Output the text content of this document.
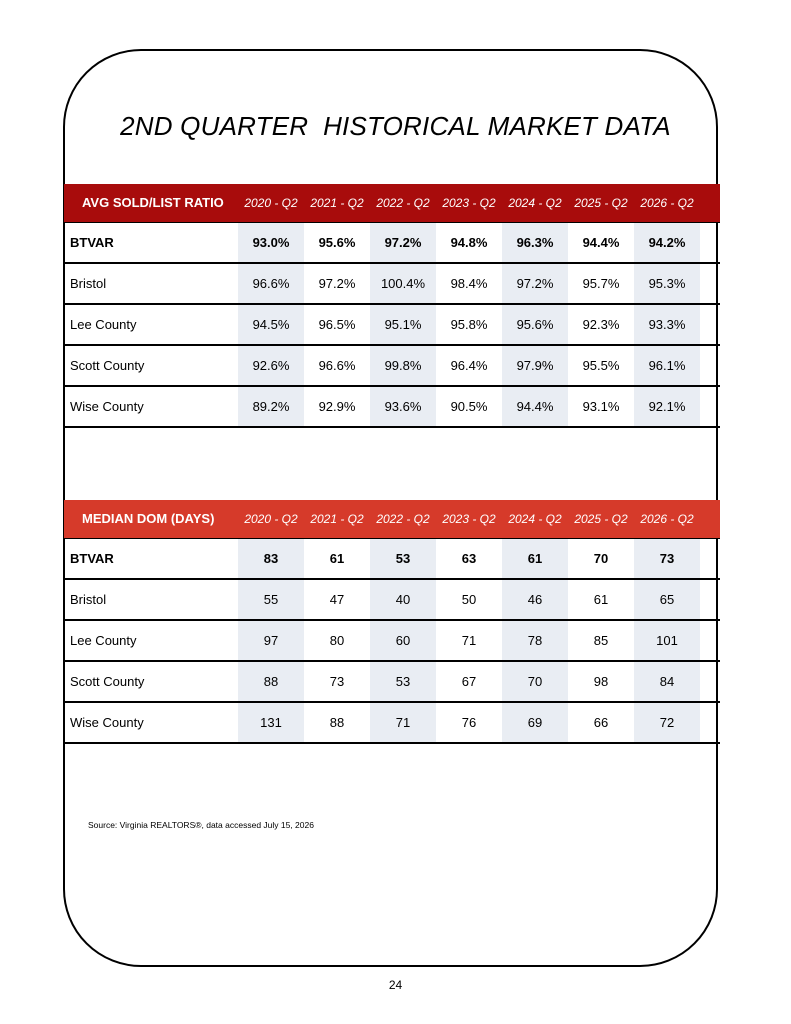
2ND QUARTER  HISTORICAL MARKET DATA
AVG SOLD/LIST RATIO	2020 - Q2	2021 - Q2	2022 - Q2	2023 - Q2	2024 - Q2	2025 - Q2	2026 - Q2
BTVAR	93.0%	95.6%	97.2%	94.8%	96.3%	94.4%	94.2%
Bristol	96.6%	97.2%	100.4%	98.4%	97.2%	95.7%	95.3%
Lee County	94.5%	96.5%	95.1%	95.8%	95.6%	92.3%	93.3%
Scott County	92.6%	96.6%	99.8%	96.4%	97.9%	95.5%	96.1%
Wise County	89.2%	92.9%	93.6%	90.5%	94.4%	93.1%	92.1%
MEDIAN DOM (DAYS)	2020 - Q2	2021 - Q2	2022 - Q2	2023 - Q2	2024 - Q2	2025 - Q2	2026 - Q2
BTVAR	83	61	53	63	61	70	73
Bristol	55	47	40	50	46	61	65
Lee County	97	80	60	71	78	85	101
Scott County	88	73	53	67	70	98	84
Wise County	131	88	71	76	69	66	72
Source: Virginia REALTORS®, data accessed July 15, 2026
24
